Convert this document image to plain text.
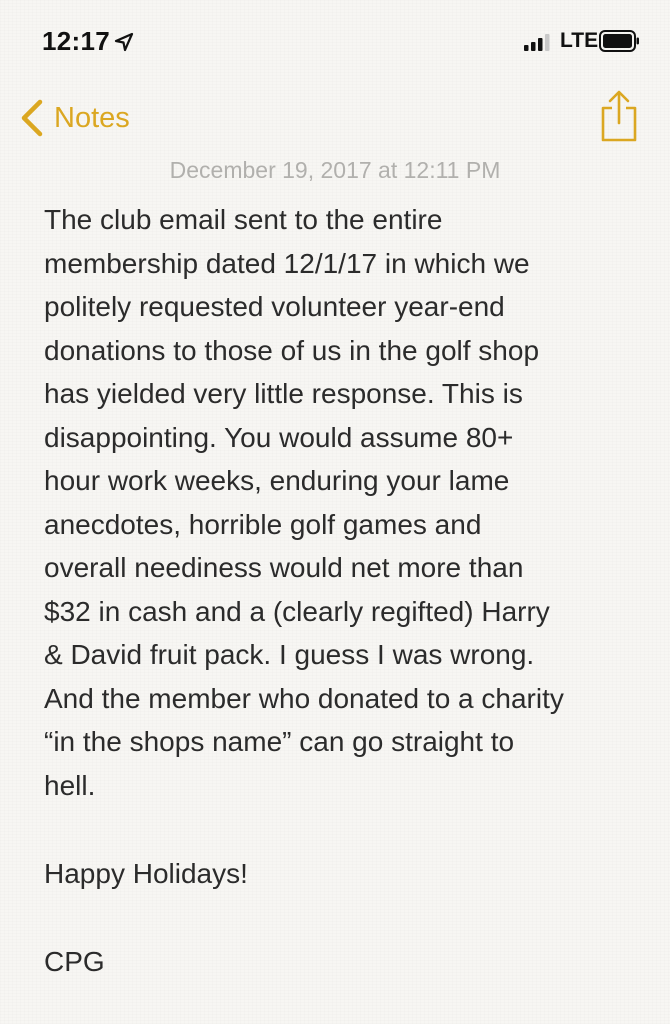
12:17	LTE
Notes
December 19, 2017 at 12:11 PM
The club email sent to the entire
membership dated 12/1/17 in which we
politely requested volunteer year-end
donations to those of us in the golf shop
has yielded very little response. This is
disappointing. You would assume 80+
hour work weeks, enduring your lame
anecdotes, horrible golf games and
overall neediness would net more than
$32 in cash and a (clearly regifted) Harry
& David fruit pack. I guess I was wrong.
And the member who donated to a charity
“in the shops name” can go straight to
hell.
Happy Holidays!
CPG
